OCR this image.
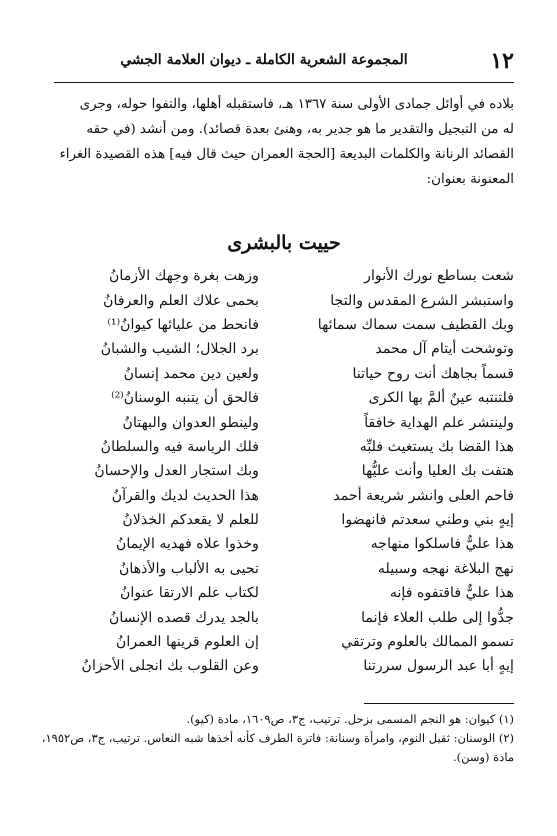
١٢
المجموعة الشعرية الكاملة ـ ديوان العلامة الجشي
بلاده في أوائل جمادى الأولى سنة ١٣٦٧ هـ، فاستقبله أهلها، والتفوا حوله، وجرى
له من التبجيل والتقدير ما هو جدير به، وهنئ بعدة قصائد). ومن أنشد (في حقه
القصائد الرنانة والكلمات البديعة [الحجة العمران حيث قال فيه] هذه القصيدة الغراء
المعنونة بعنوان:
حييت بالبشرى
شعت بساطع نورك الأنوار
وزهت بغرة وجهك الأزمانُ
واستبشر الشرع المقدس والتجا
بحمى علاك العلم والعرفانُ
وبك القطيف سمت سماك سمائها
فانحط من عليائها كيوانُ⁽¹⁾
وتوشحت أيتام آل محمد
برد الجلال؛ الشيب والشبانُ
قسماً بجاهك أنت روح حياتنا
ولعين دين محمد إنسانُ
فلتنتبه عينٌ ألمَّ بها الكرى
فالحق أن يتنبه الوسنانُ⁽²⁾
ولينتشر علم الهداية خافقاً
ولينطو العدوان والبهتانُ
هذا القضا بك يستغيث فلبِّه
فلك الرياسة فيه والسلطانُ
هتفت بك العليا وأنت عليُّها
وبك استجار العدل والإحسانُ
فاحم العلى وانشر شريعة أحمد
هذا الحديث لديك والقرآنُ
إيهٍ بني وطني سعدتم فانهضوا
للعلم لا يقعدكم الخذلانُ
هذا عليٌّ فاسلكوا منهاجه
وخذوا علاه فهديه الإيمانُ
نهج البلاغة نهجه وسبيله
تحيى به الألباب والأذهانُ
هذا عليٌّ فاقتفوه فإنه
لكتاب علم الارتقا عنوانُ
جدُّوا إلى طلب العلاء فإنما
بالجد يدرك قصده الإنسانُ
تسمو الممالك بالعلوم وترتقي
إن العلوم قرينها العمرانُ
إيهٍ أبا عبد الرسول سررتنا
وعن القلوب بك انجلى الأحزانُ
(١) كيوان: هو النجم المسمى بزحل. ترتيب، ج٣، ص١٦٠٩، مادة (كيو).
(٢) الوسنان: ثقيل النوم، وامرأة وسنانة: فاترة الطرف كأنه أخذها شبه النعاس. ترتيب، ج٣، ص١٩٥٢،
مادة (وسن).
